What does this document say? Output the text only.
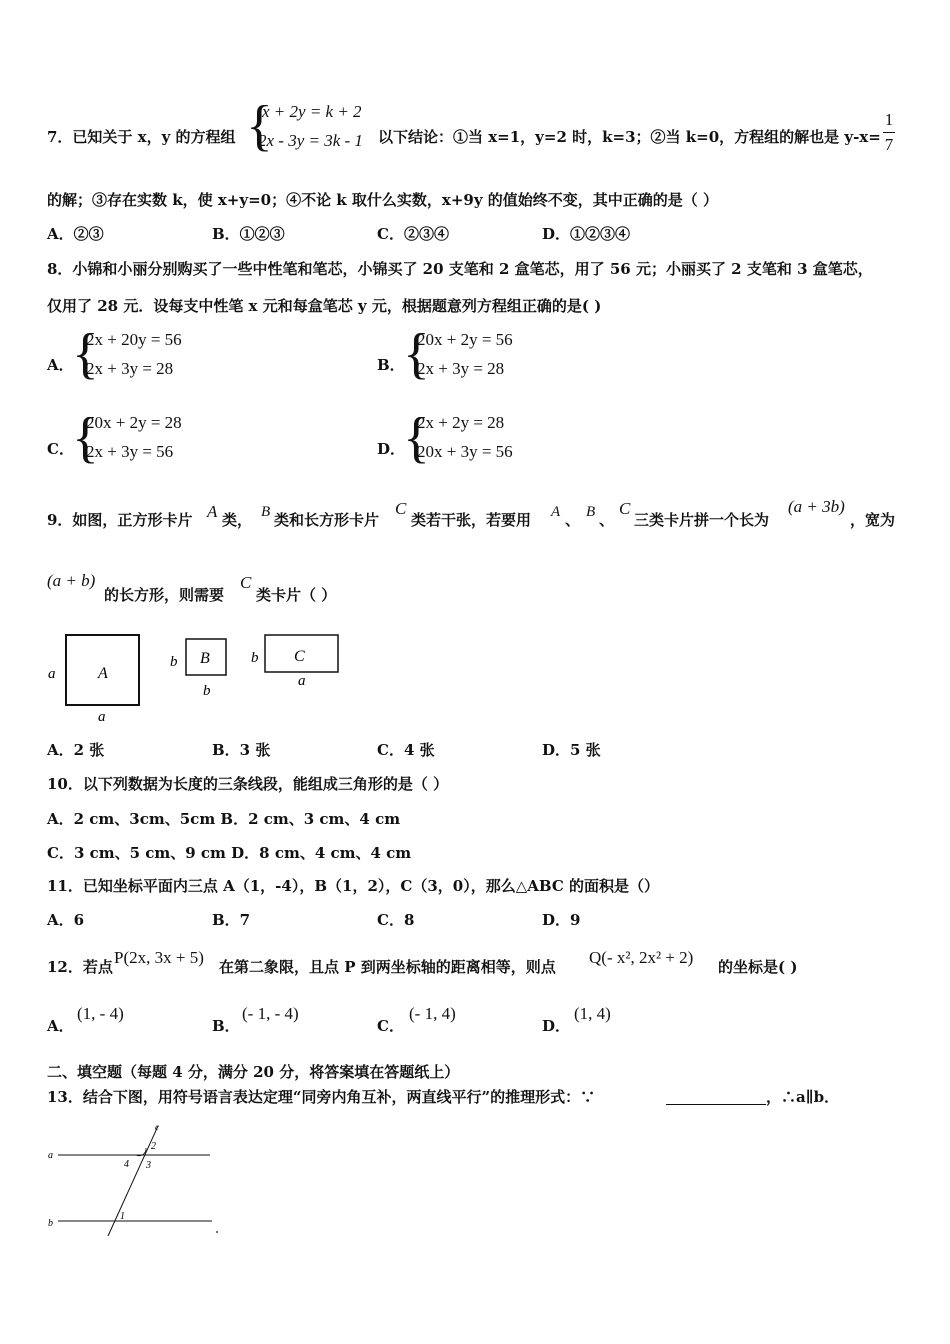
7．已知关于 x，y 的方程组 {
x + 2y = k + 2
2x - 3y = 3k - 1 以下结论：①当 x=1，y=2 时，k=3；②当 k=0，方程组的解也是 y-x=
1
7
的解；③存在实数 k，使 x+y=0；④不论 k 取什么实数，x+9y 的值始终不变，其中正确的是（ ）
A．②③	B．①②③	C．②③④	D．①②③④
8．小锦和小丽分别购买了一些中性笔和笔芯，小锦买了 20 支笔和 2 盒笔芯，用了 56 元；小丽买了 2 支笔和 3 盒笔芯，
仅用了 28 元．设每支中性笔 x 元和每盒笔芯 y 元，根据题意列方程组正确的是( )
A．
{
2x + 20y = 56
2x + 3y = 28	B．
{
20x + 2y = 56
2x + 3y = 28
C．
{
20x + 2y = 28
2x + 3y = 56	D．
{
2x + 2y = 28
20x + 3y = 56
9．如图，正方形卡片 A 类， B 类和长方形卡片
C
类若干张，若要用 A 、 B 、
C
三类卡片拼一个长为
(a + 3b)
，宽为
(a + b)
的长方形，则需要
C
类卡片（ ）
a	A
a
b B
b
b C
a
A．2 张	B．3 张	C．4 张	D．5 张
10．以下列数据为长度的三条线段，能组成三角形的是（ ）
A．2 cm、3cm、5cm B．2 cm、3 cm、4 cm
C．3 cm、5 cm、9 cm D．8 cm、4 cm、4 cm
11．已知坐标平面内三点 A（1，-4），B（1，2），C（3，0），那么△ABC 的面积是（）
A．6	B．7	C．8	D．9
12．若点 P(2x, 3x + 5) 在第二象限，且点 P 到两坐标轴的距离相等，则点 Q(- x², 2x² + 2) 的坐标是( )
A．
(1, - 4)
B．
(- 1, - 4)
C．
(- 1, 4)
D．
(1, 4)
二、填空题（每题 4 分，满分 20 分，将答案填在答题纸上）
13．结合下图，用符号语言表达定理“同旁内角互补，两直线平行”的推理形式：∵	，∴a∥b．
a
b
c
2
4 3
1
